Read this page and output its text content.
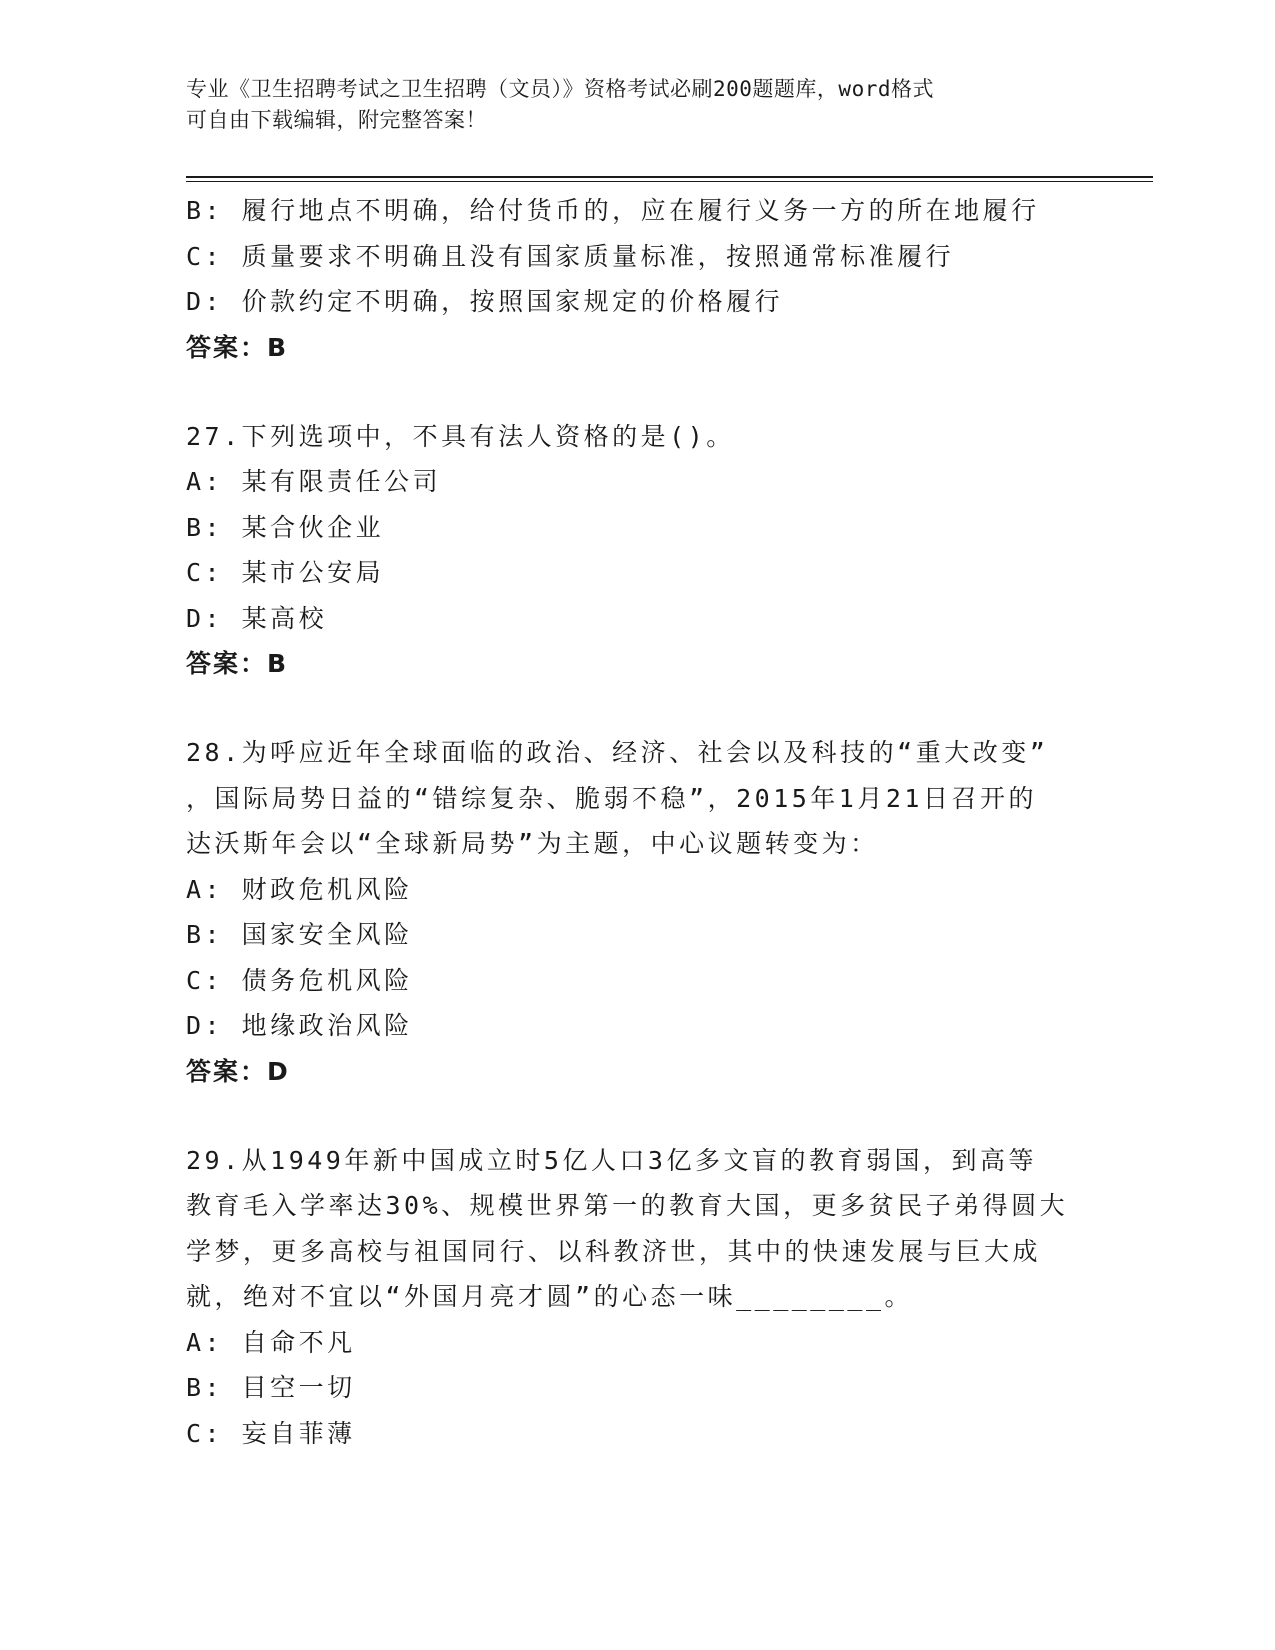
专业《卫生招聘考试之卫生招聘（文员）》资格考试必刷200题题库，word格式
可自由下载编辑，附完整答案！

B: 履行地点不明确，给付货币的，应在履行义务一方的所在地履行

C: 质量要求不明确且没有国家质量标准，按照通常标准履行

D: 价款约定不明确，按照国家规定的价格履行

答案：B

27.下列选项中，不具有法人资格的是()。

A: 某有限责任公司

B: 某合伙企业

C: 某市公安局

D: 某高校

答案：B

28.为呼应近年全球面临的政治、经济、社会以及科技的“重大改变”

，国际局势日益的“错综复杂、脆弱不稳”，2015年1月21日召开的

达沃斯年会以“全球新局势”为主题，中心议题转变为：

A: 财政危机风险

B: 国家安全风险

C: 债务危机风险

D: 地缘政治风险

答案：D

29.从1949年新中国成立时5亿人口3亿多文盲的教育弱国，到高等

教育毛入学率达30%、规模世界第一的教育大国，更多贫民子弟得圆大

学梦，更多高校与祖国同行、以科教济世，其中的快速发展与巨大成

就，绝对不宜以“外国月亮才圆”的心态一味________。

A: 自命不凡

B: 目空一切

C: 妄自菲薄
